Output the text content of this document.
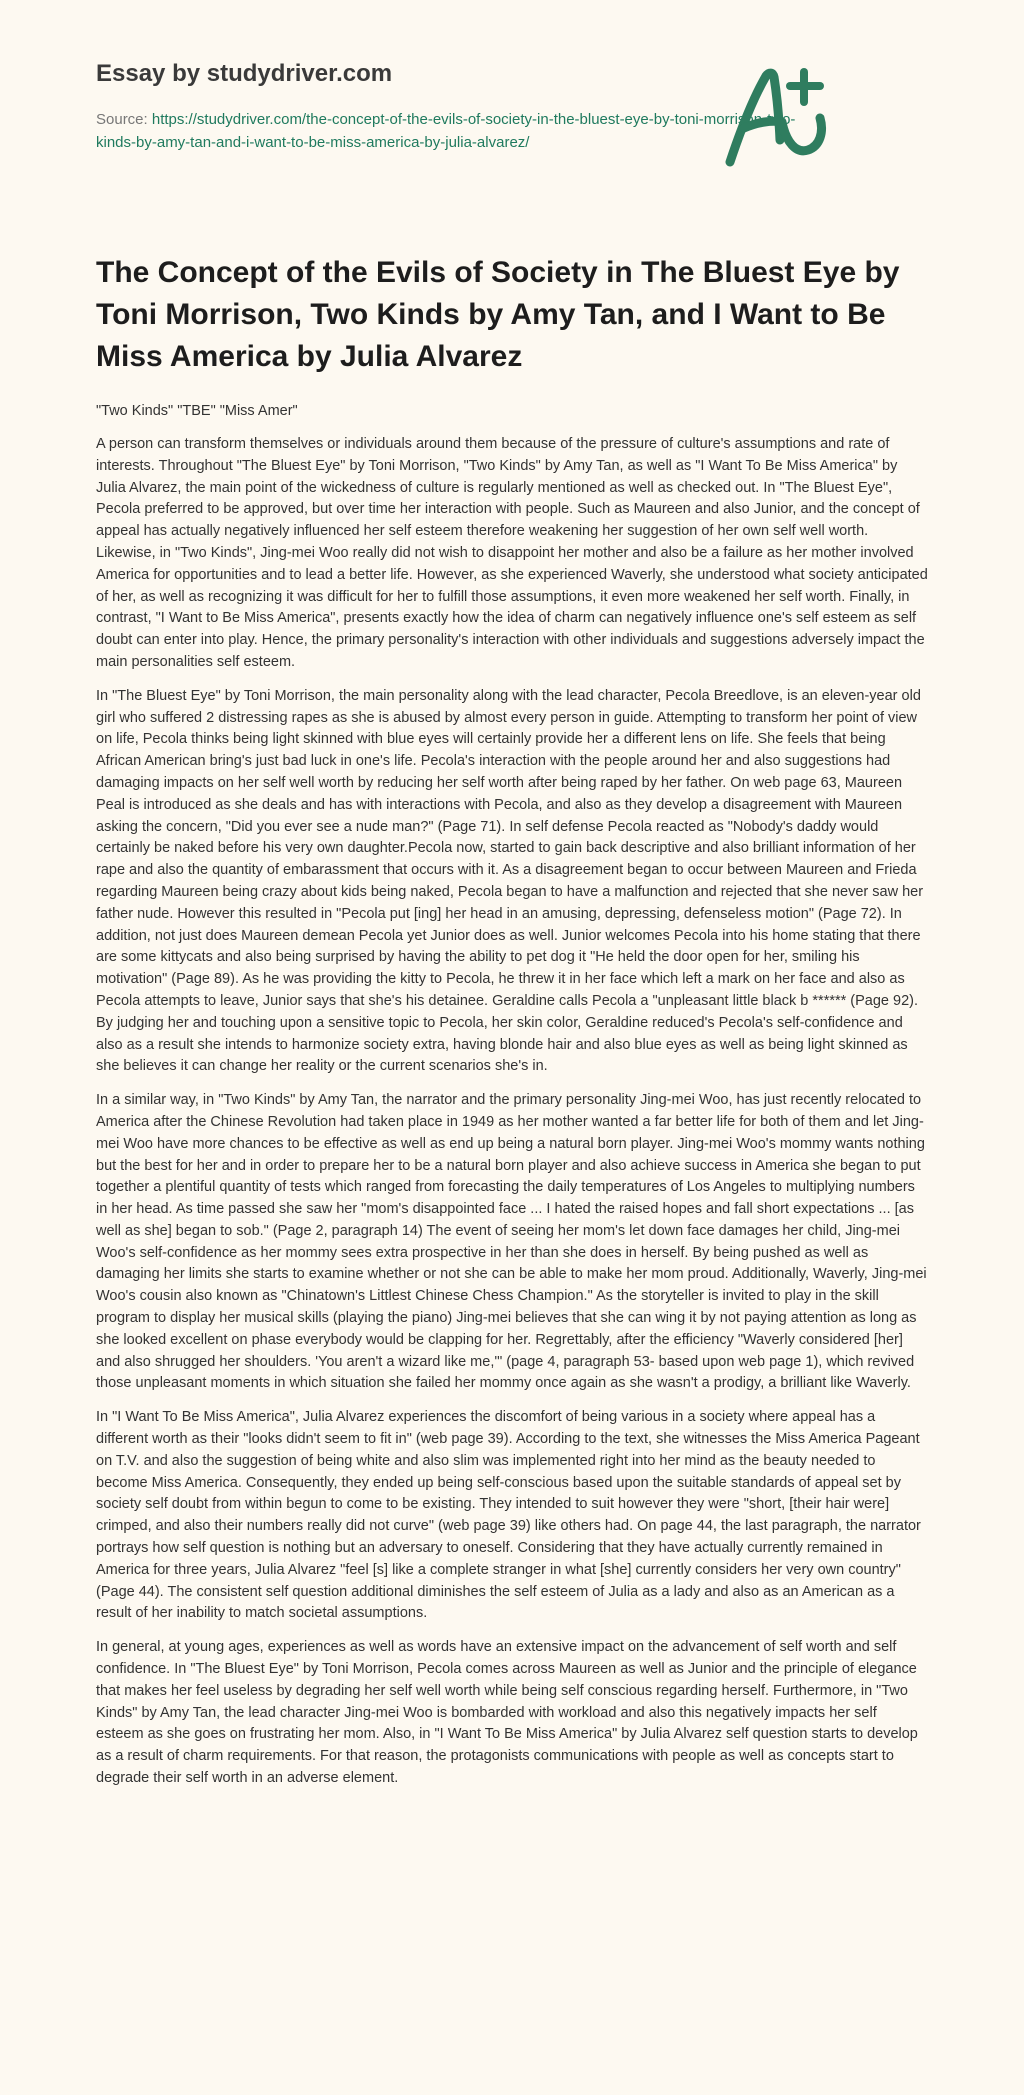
Essay by studydriver.com
Source: https://studydriver.com/the-concept-of-the-evils-of-society-in-the-bluest-eye-by-toni-morrison-two-kinds-by-amy-tan-and-i-want-to-be-miss-america-by-julia-alvarez/
The Concept of the Evils of Society in The Bluest Eye by Toni Morrison, Two Kinds by Amy Tan, and I Want to Be Miss America by Julia Alvarez

"Two Kinds" "TBE" "Miss Amer"

A person can transform themselves or individuals around them because of the pressure of culture's assumptions and rate of interests. Throughout "The Bluest Eye" by Toni Morrison, "Two Kinds" by Amy Tan, as well as "I Want To Be Miss America" by Julia Alvarez, the main point of the wickedness of culture is regularly mentioned as well as checked out. In "The Bluest Eye", Pecola preferred to be approved, but over time her interaction with people. Such as Maureen and also Junior, and the concept of appeal has actually negatively influenced her self esteem therefore weakening her suggestion of her own self well worth. Likewise, in "Two Kinds", Jing-mei Woo really did not wish to disappoint her mother and also be a failure as her mother involved America for opportunities and to lead a better life. However, as she experienced Waverly, she understood what society anticipated of her, as well as recognizing it was difficult for her to fulfill those assumptions, it even more weakened her self worth. Finally, in contrast, "I Want to Be Miss America", presents exactly how the idea of charm can negatively influence one's self esteem as self doubt can enter into play. Hence, the primary personality's interaction with other individuals and suggestions adversely impact the main personalities self esteem.

In "The Bluest Eye" by Toni Morrison, the main personality along with the lead character, Pecola Breedlove, is an eleven-year old girl who suffered 2 distressing rapes as she is abused by almost every person in guide. Attempting to transform her point of view on life, Pecola thinks being light skinned with blue eyes will certainly provide her a different lens on life. She feels that being African American bring's just bad luck in one's life. Pecola's interaction with the people around her and also suggestions had damaging impacts on her self well worth by reducing her self worth after being raped by her father. On web page 63, Maureen Peal is introduced as she deals and has with interactions with Pecola, and also as they develop a disagreement with Maureen asking the concern, "Did you ever see a nude man?" (Page 71). In self defense Pecola reacted as "Nobody's daddy would certainly be naked before his very own daughter.Pecola now, started to gain back descriptive and also brilliant information of her rape and also the quantity of embarassment that occurs with it. As a disagreement began to occur between Maureen and Frieda regarding Maureen being crazy about kids being naked, Pecola began to have a malfunction and rejected that she never saw her father nude. However this resulted in "Pecola put [ing] her head in an amusing, depressing, defenseless motion" (Page 72). In addition, not just does Maureen demean Pecola yet Junior does as well. Junior welcomes Pecola into his home stating that there are some kittycats and also being surprised by having the ability to pet dog it "He held the door open for her, smiling his motivation" (Page 89). As he was providing the kitty to Pecola, he threw it in her face which left a mark on her face and also as Pecola attempts to leave, Junior says that she's his detainee. Geraldine calls Pecola a "unpleasant little black b ****** (Page 92). By judging her and touching upon a sensitive topic to Pecola, her skin color, Geraldine reduced's Pecola's self-confidence and also as a result she intends to harmonize society extra, having blonde hair and also blue eyes as well as being light skinned as she believes it can change her reality or the current scenarios she's in.

In a similar way, in "Two Kinds" by Amy Tan, the narrator and the primary personality Jing-mei Woo, has just recently relocated to America after the Chinese Revolution had taken place in 1949 as her mother wanted a far better life for both of them and let Jing-mei Woo have more chances to be effective as well as end up being a natural born player. Jing-mei Woo's mommy wants nothing but the best for her and in order to prepare her to be a natural born player and also achieve success in America she began to put together a plentiful quantity of tests which ranged from forecasting the daily temperatures of Los Angeles to multiplying numbers in her head. As time passed she saw her "mom's disappointed face ... I hated the raised hopes and fall short expectations ... [as well as she] began to sob." (Page 2, paragraph 14) The event of seeing her mom's let down face damages her child, Jing-mei Woo's self-confidence as her mommy sees extra prospective in her than she does in herself. By being pushed as well as damaging her limits she starts to examine whether or not she can be able to make her mom proud. Additionally, Waverly, Jing-mei Woo's cousin also known as "Chinatown's Littlest Chinese Chess Champion." As the storyteller is invited to play in the skill program to display her musical skills (playing the piano) Jing-mei believes that she can wing it by not paying attention as long as she looked excellent on phase everybody would be clapping for her. Regrettably, after the efficiency "Waverly considered [her] and also shrugged her shoulders. 'You aren't a wizard like me,'" (page 4, paragraph 53- based upon web page 1), which revived those unpleasant moments in which situation she failed her mommy once again as she wasn't a prodigy, a brilliant like Waverly.

In "I Want To Be Miss America", Julia Alvarez experiences the discomfort of being various in a society where appeal has a different worth as their "looks didn't seem to fit in" (web page 39). According to the text, she witnesses the Miss America Pageant on T.V. and also the suggestion of being white and also slim was implemented right into her mind as the beauty needed to become Miss America. Consequently, they ended up being self-conscious based upon the suitable standards of appeal set by society self doubt from within begun to come to be existing. They intended to suit however they were "short, [their hair were] crimped, and also their numbers really did not curve" (web page 39) like others had. On page 44, the last paragraph, the narrator portrays how self question is nothing but an adversary to oneself. Considering that they have actually currently remained in America for three years, Julia Alvarez "feel [s] like a complete stranger in what [she] currently considers her very own country" (Page 44). The consistent self question additional diminishes the self esteem of Julia as a lady and also as an American as a result of her inability to match societal assumptions.

In general, at young ages, experiences as well as words have an extensive impact on the advancement of self worth and self confidence. In "The Bluest Eye" by Toni Morrison, Pecola comes across Maureen as well as Junior and the principle of elegance that makes her feel useless by degrading her self well worth while being self conscious regarding herself. Furthermore, in "Two Kinds" by Amy Tan, the lead character Jing-mei Woo is bombarded with workload and also this negatively impacts her self esteem as she goes on frustrating her mom. Also, in "I Want To Be Miss America" by Julia Alvarez self question starts to develop as a result of charm requirements. For that reason, the protagonists communications with people as well as concepts start to degrade their self worth in an adverse element.
